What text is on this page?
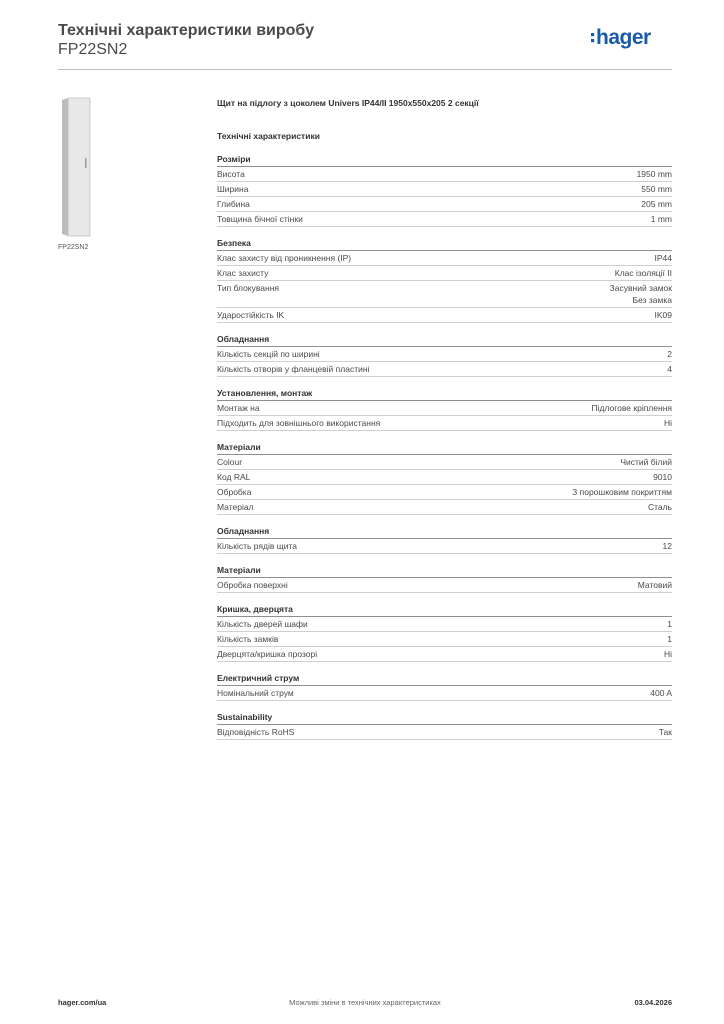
Технічні характеристики виробу
FP22SN2
hager
FP22SN2
Щит на підлогу з цоколем Univers IP44/II 1950x550x205 2 секції
Технічні характеристики
Розміри
Висота	1950 mm
Ширина	550 mm
Глибина	205 mm
Товщина бічної стінки	1 mm
Безпека
Клас захисту від проникнення (IP)	IP44
Клас захисту	Клас ізоляції II
Тип блокування	Засувний замок
Без замка
Ударостійкість IK	IK09
Обладнання
Кількість секцій по ширині	2
Кількість отворів у фланцевій пластині	4
Установлення, монтаж
Монтаж на	Підлогове кріплення
Підходить для зовнішнього використання	Ні
Матеріали
Colour	Чистий білий
Код RAL	9010
Обробка	З порошковим покриттям
Матеріал	Сталь
Обладнання
Кількість рядів щита	12
Матеріали
Обробка поверхні	Матовий
Кришка, дверцята
Кількість дверей шафи	1
Кількість замків	1
Дверцята/кришка прозорі	Ні
Електричний струм
Номінальний струм	400 A
Sustainability
Відповідність RoHS	Так
hager.com/ua	Можливі зміни в технічних характеристиках	03.04.2026
